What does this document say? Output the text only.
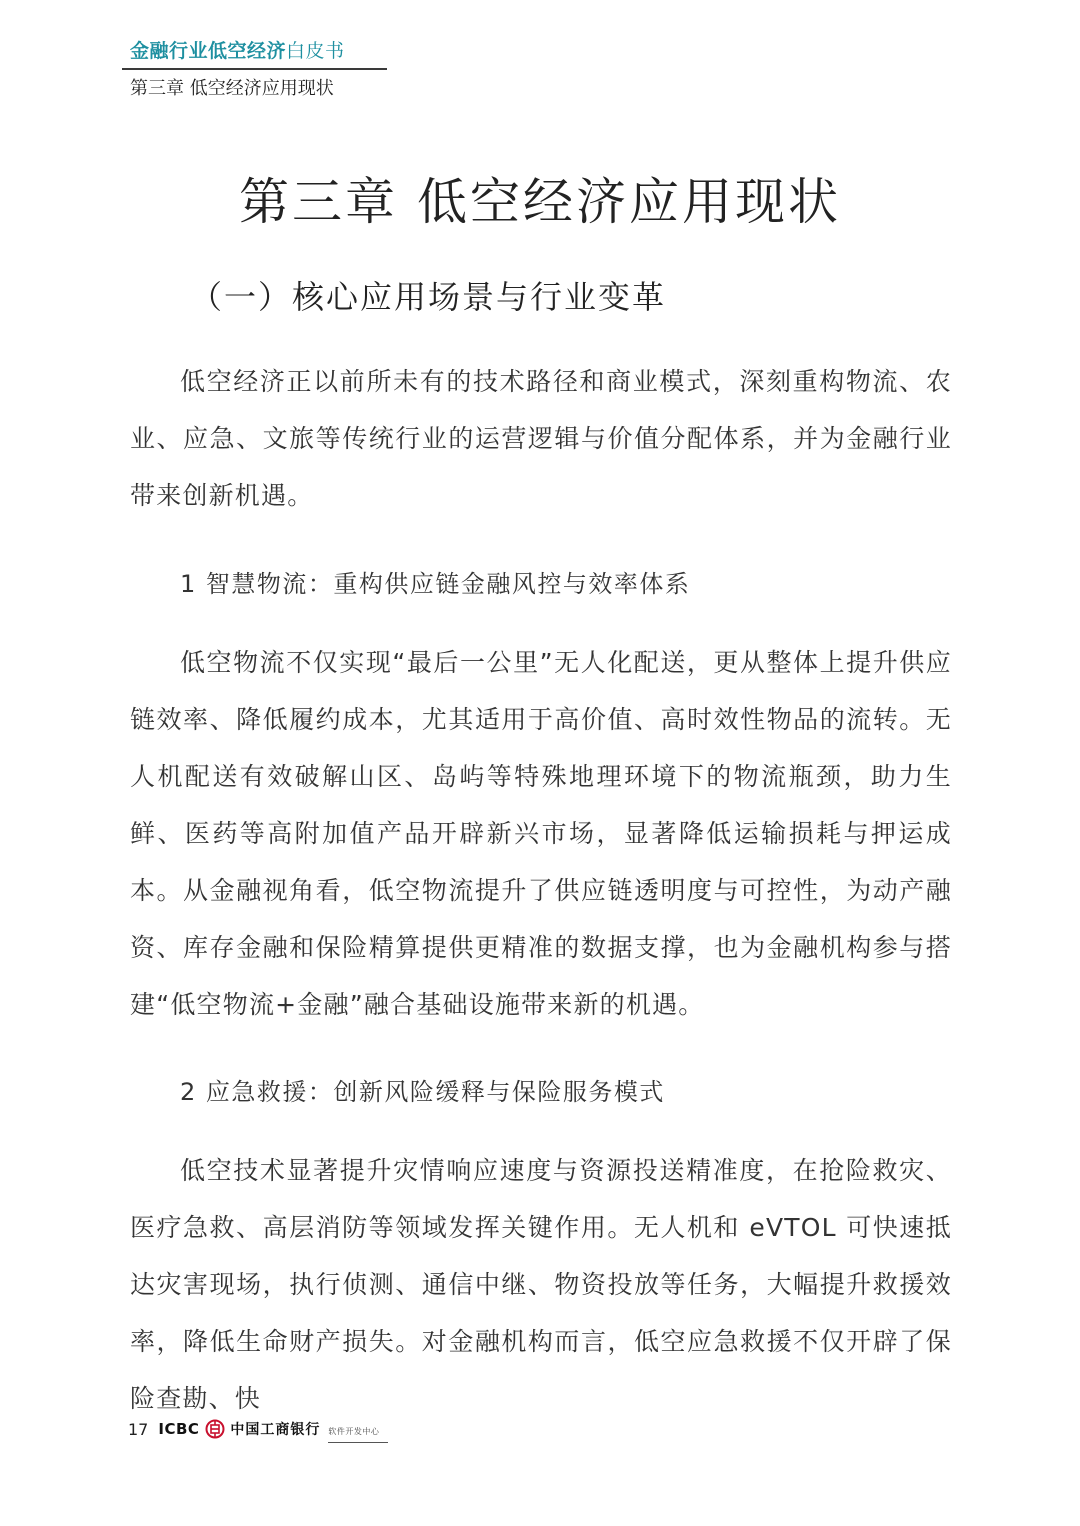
金融行业低空经济白皮书
第三章 低空经济应用现状
第三章 低空经济应用现状
（一）核心应用场景与行业变革

低空经济正以前所未有的技术路径和商业模式，深刻重构物流、农业、应急、文旅等传统行业的运营逻辑与价值分配体系，并为金融行业带来创新机遇。

1 智慧物流：重构供应链金融风控与效率体系

低空物流不仅实现“最后一公里”无人化配送，更从整体上提升供应链效率、降低履约成本，尤其适用于高价值、高时效性物品的流转。无人机配送有效破解山区、岛屿等特殊地理环境下的物流瓶颈，助力生鲜、医药等高附加值产品开辟新兴市场，显著降低运输损耗与押运成本。从金融视角看，低空物流提升了供应链透明度与可控性，为动产融资、库存金融和保险精算提供更精准的数据支撑，也为金融机构参与搭建“低空物流+金融”融合基础设施带来新的机遇。

2 应急救援：创新风险缓释与保险服务模式

低空技术显著提升灾情响应速度与资源投送精准度，在抢险救灾、医疗急救、高层消防等领域发挥关键作用。无人机和 eVTOL 可快速抵达灾害现场，执行侦测、通信中继、物资投放等任务，大幅提升救援效率，降低生命财产损失。对金融机构而言，低空应急救援不仅开辟了保险查勘、快

17 ICBC 中国工商银行 软件开发中心
